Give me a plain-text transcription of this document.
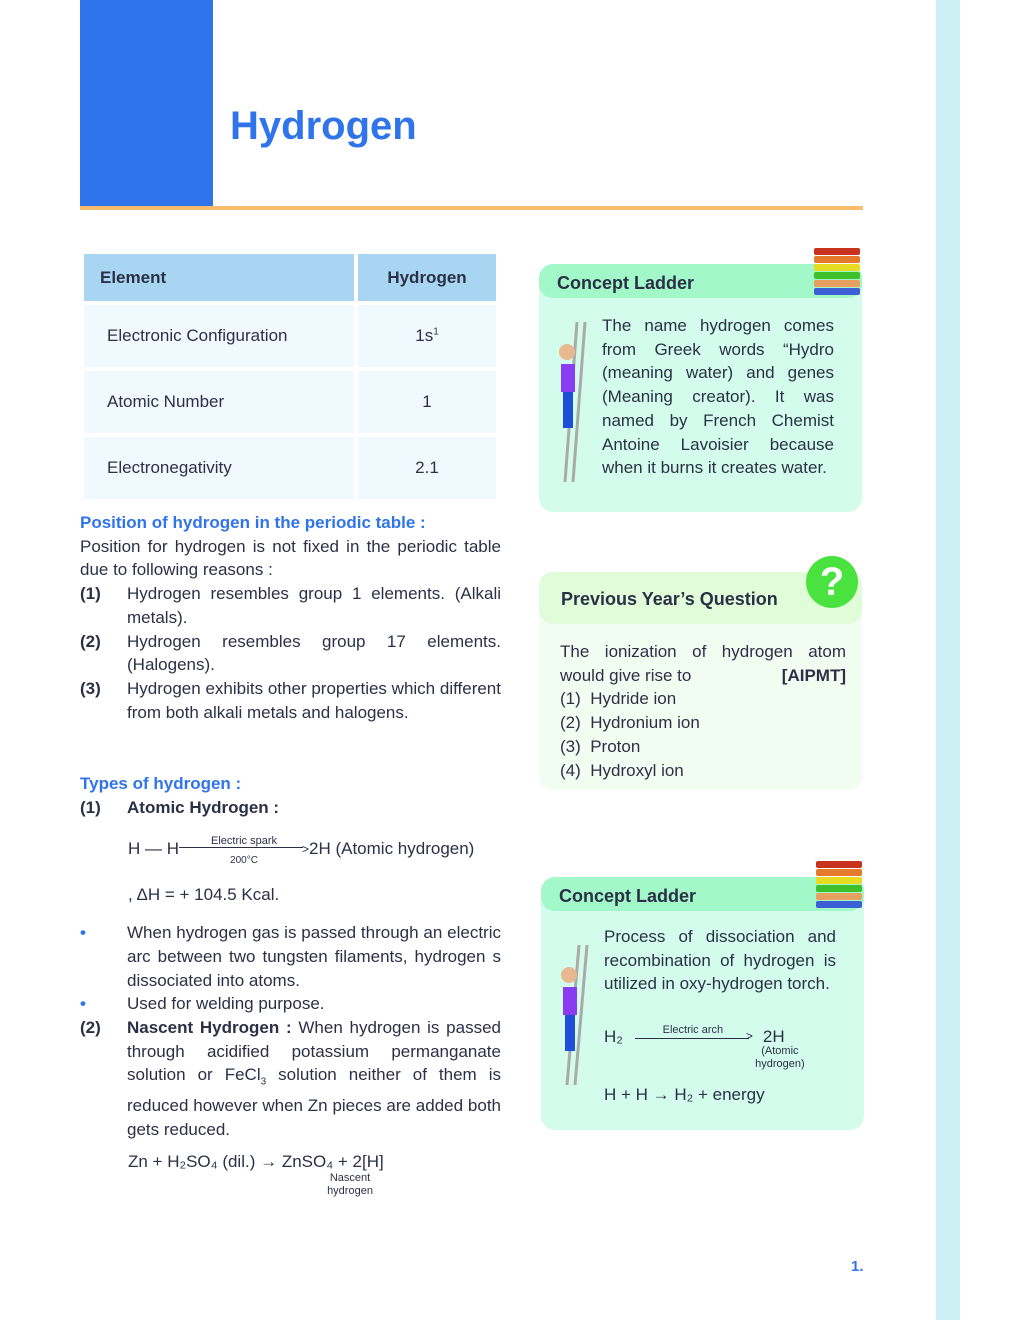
Hydrogen
Element	Hydrogen
Electronic Configuration	$1s^1$
Atomic Number	1
Electronegativity	2.1
Position of hydrogen in the periodic table :
Position for hydrogen is not fixed in the periodic table due to following reasons :
(1)	Hydrogen resembles group 1 elements. (Alkali metals).
(2)	Hydrogen resembles group 17 elements. (Halogens).
(3)	Hydrogen exhibits other properties which different from both alkali metals and halogens.
Types of hydrogen :
(1)	Atomic Hydrogen :
H — H	Electric spark
>
200°C
2H (Atomic hydrogen)
, ΔH = + 104.5 Kcal.
•	When hydrogen gas is passed through an electric arc between two tungsten filaments, hydrogen s dissociated into atoms.
•	Used for welding purpose.
(2)	Nascent Hydrogen : When hydrogen is passed through acidified potassium permanganate solution or FeCl$_3$ solution neither of them is reduced however when Zn pieces are added both gets reduced.
Zn + H₂SO₄ (dil.) → ZnSO₄ + 2[H]
Nascent hydrogen
Concept Ladder
The name hydrogen comes from Greek words “Hydro (meaning water) and genes (Meaning creator). It was named by French Chemist Antoine Lavoisier because when it burns it creates water.
Previous Year’s Question	?
The ionization of hydrogen atom would give rise to	[AIPMT]
(1)  Hydride ion
(2)  Hydronium ion
(3)  Proton
(4)  Hydroxyl ion
Concept Ladder
Process of dissociation and recombination of hydrogen is utilized in oxy-hydrogen torch.
H₂	Electric arch	> 2H
(Atomic hydrogen)
H + H → H₂ + energy
1.
